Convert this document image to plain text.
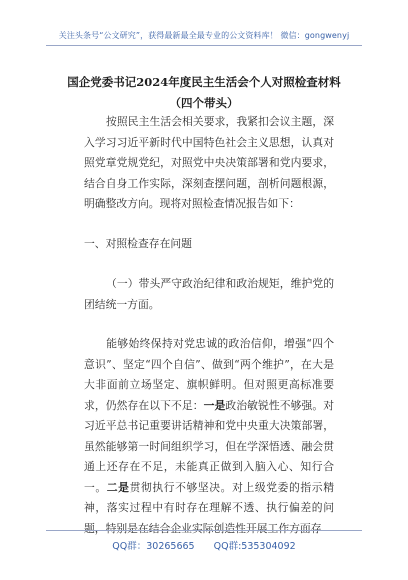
关注头条号“公文研究”，获得最新最全最专业的公文资料库！ 微信：gongwenyj
国企党委书记2024年度民主生活会个人对照检查材料（四个带头）
按照民主生活会相关要求，我紧扣会议主题，深入学习习近平新时代中国特色社会主义思想，认真对照党章党规党纪，对照党中央决策部署和党内要求，结合自身工作实际，深刻查摆问题，剖析问题根源，明确整改方向。现将对照检查情况报告如下：
一、对照检查存在问题
（一）带头严守政治纪律和政治规矩，维护党的团结统一方面。
能够始终保持对党忠诚的政治信仰，增强“四个意识”、坚定“四个自信”、做到“两个维护”，在大是大非面前立场坚定、旗帜鲜明。但对照更高标准要求，仍然存在以下不足：一是政治敏锐性不够强。对习近平总书记重要讲话精神和党中央重大决策部署，虽然能够第一时间组织学习，但在学深悟透、融会贯通上还存在不足，未能真正做到入脑入心、知行合一。二是贯彻执行不够坚决。对上级党委的指示精神，落实过程中有时存在理解不透、执行偏差的问题，特别是在结合企业实际创造性开展工作方面存
QQ群：30265665 QQ群:535304092
